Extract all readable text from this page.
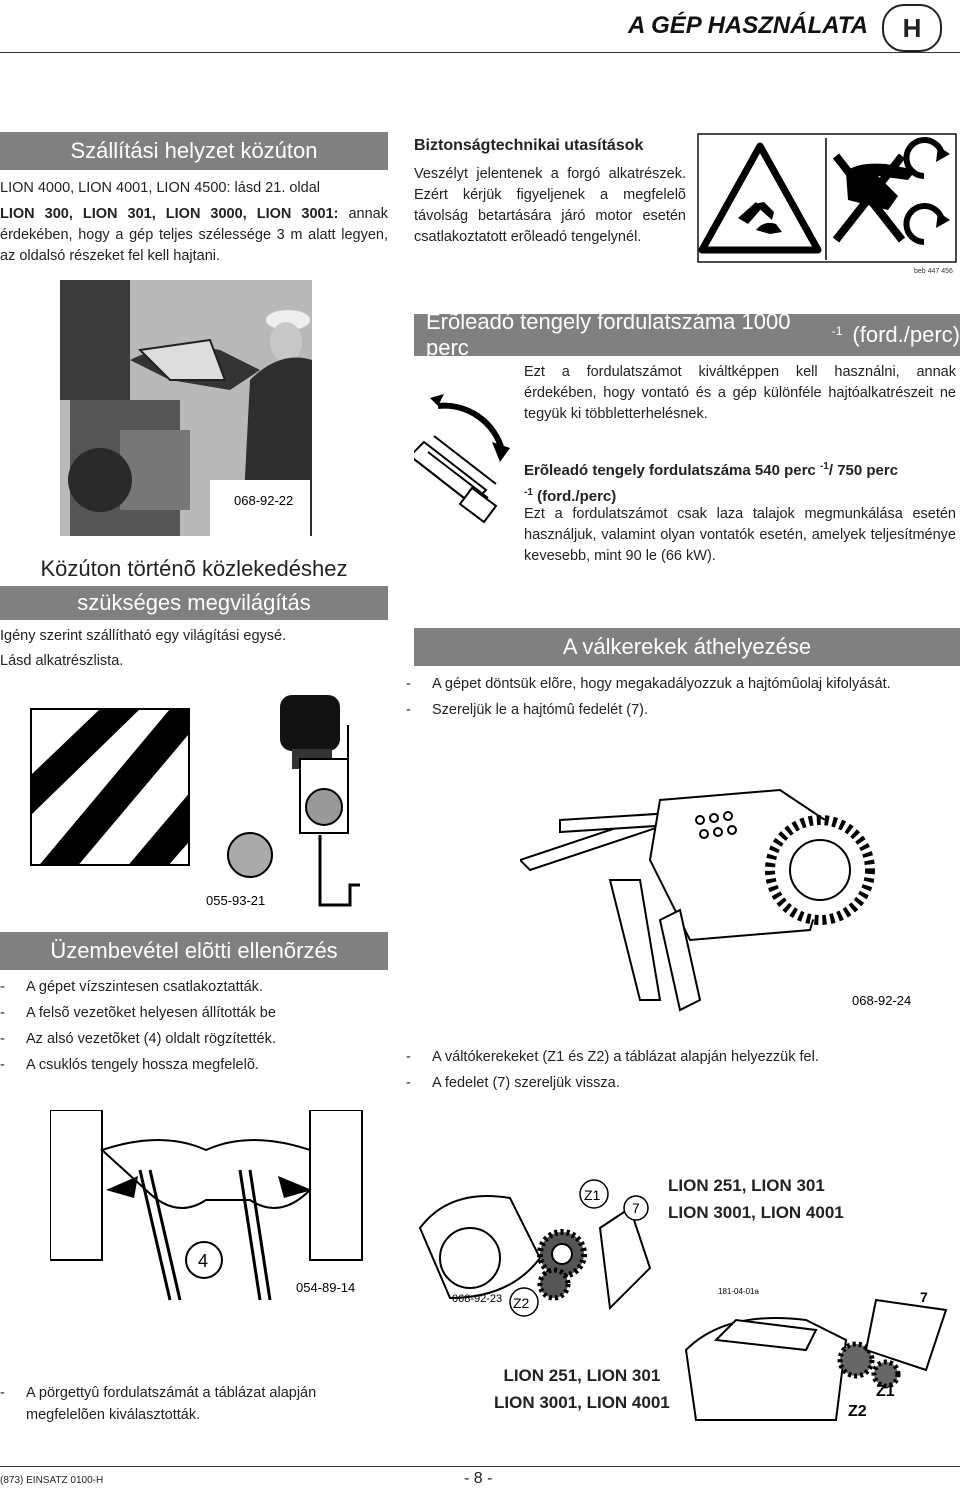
A GÉP HASZNÁLATA	H
Szállítási helyzet közúton
LION 4000, LION 4001, LION 4500: lásd 21. oldal
LION 300, LION 301, LION 3000, LION 3001: annak érdekében, hogy a gép teljes szélessége 3 m alatt legyen, az oldalsó részeket fel kell hajtani.
Biztonságtechnikai utasítások
Veszélyt jelentenek a forgó alkatrészek. Ezért kérjük figyeljenek a megfelelõ távolság betartására járó motor esetén csatlakoztatott erõleadó tengelynél.
beb 447 456
068-92-22
Erõleadó tengely fordulatszáma 1000 perc
$^{-1}$ (ford./perc)
Ezt a fordulatszámot kiváltképpen kell használni, annak érdekében, hogy vontató és a gép különféle hajtóalkatrészeit ne tegyük ki többletterhelésnek.
Erõleadó tengely fordulatszáma 540 perc $^{-1}$/ 750 perc
$^{-1}$ (ford./perc)
Ezt a fordulatszámot csak laza talajok megmunkálása esetén használjuk, valamint olyan vontatók esetén, amelyek teljesítménye kevesebb, mint 90 le (66 kW).
Közúton történõ közlekedéshez
szükséges megvilágítás
Igény szerint szállítható egy világítási egysé.
Lásd alkatrészlista.
055-93-21
A válkerekek áthelyezése
- A gépet döntsük elõre, hogy megakadályozzuk a hajtómûolaj kifolyását.
- Szereljük le a hajtómû fedelét (7).
068-92-24
- A váltókerekeket (Z1 és Z2) a táblázat alapján helyezzük fel.
- A fedelet (7) szereljük vissza.
Üzembevétel elõtti ellenõrzés
- A gépet vízszintesen csatlakoztatták.
- A felsõ vezetõket helyesen állították be
- Az alsó vezetõket (4) oldalt rögzítették.
- A csuklós tengely hossza megfelelõ.
4
054-89-14
Z1
7
068-92-23 Z2
LION 251, LION 301
LION 3001, LION 4001
181-04-01a	7
Z1
Z2
LION 251, LION 301
LION 3001, LION 4001
- A pörgettyû fordulatszámát a táblázat alapján megfelelõen kiválasztották.
(873) EINSATZ 0100-H	- 8 -
